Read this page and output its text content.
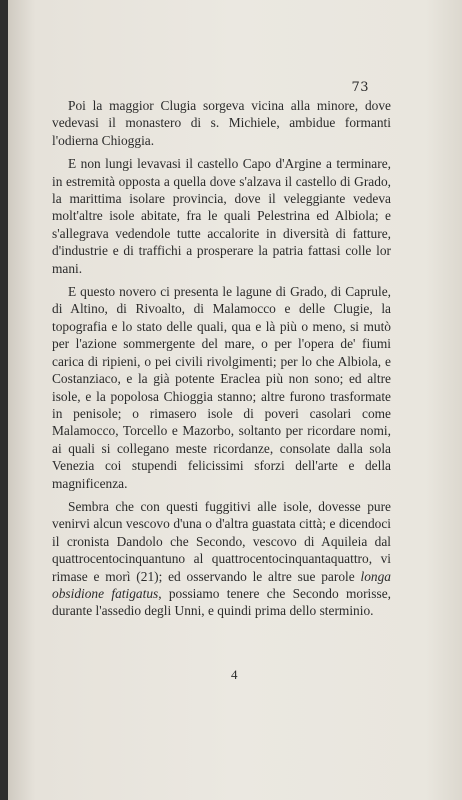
73

Poi la maggior Clugia sorgeva vicina alla minore, dove vedevasi il monastero di s. Michiele, ambidue formanti l'odierna Chioggia.

E non lungi levavasi il castello Capo d'Argine a terminare, in estremità opposta a quella dove s'alzava il castello di Grado, la marittima isolare provincia, dove il veleggiante vedeva molt'altre isole abitate, fra le quali Pelestrina ed Albiola; e s'allegrava vedendole tutte accalorite in diversità di fatture, d'industrie e di traffichi a prosperare la patria fattasi colle lor mani.

E questo novero ci presenta le lagune di Grado, di Caprule, di Altino, di Rivoalto, di Malamocco e delle Clugie, la topografia e lo stato delle quali, qua e là più o meno, si mutò per l'azione sommergente del mare, o per l'opera de' fiumi carica di ripieni, o pei civili rivolgimenti; per lo che Albiola, e Costanziaco, e la già potente Eraclea più non sono; ed altre isole, e la popolosa Chioggia stanno; altre furono trasformate in penisole; o rimasero isole di poveri casolari come Malamocco, Torcello e Mazorbo, soltanto per ricordare nomi, ai quali si collegano meste ricordanze, consolate dalla sola Venezia coi stupendi felicissimi sforzi dell'arte e della magnificenza.

Sembra che con questi fuggitivi alle isole, dovesse pure venirvi alcun vescovo d'una o d'altra guastata città; e dicendoci il cronista Dandolo che Secondo, vescovo di Aquileia dal quattrocentocinquantuno al quattrocentocinquantaquattro, vi rimase e morì (21); ed osservando le altre sue parole longa obsidione fatigatus, possiamo tenere che Secondo morisse, durante l'assedio degli Unni, e quindi prima dello sterminio.

4
